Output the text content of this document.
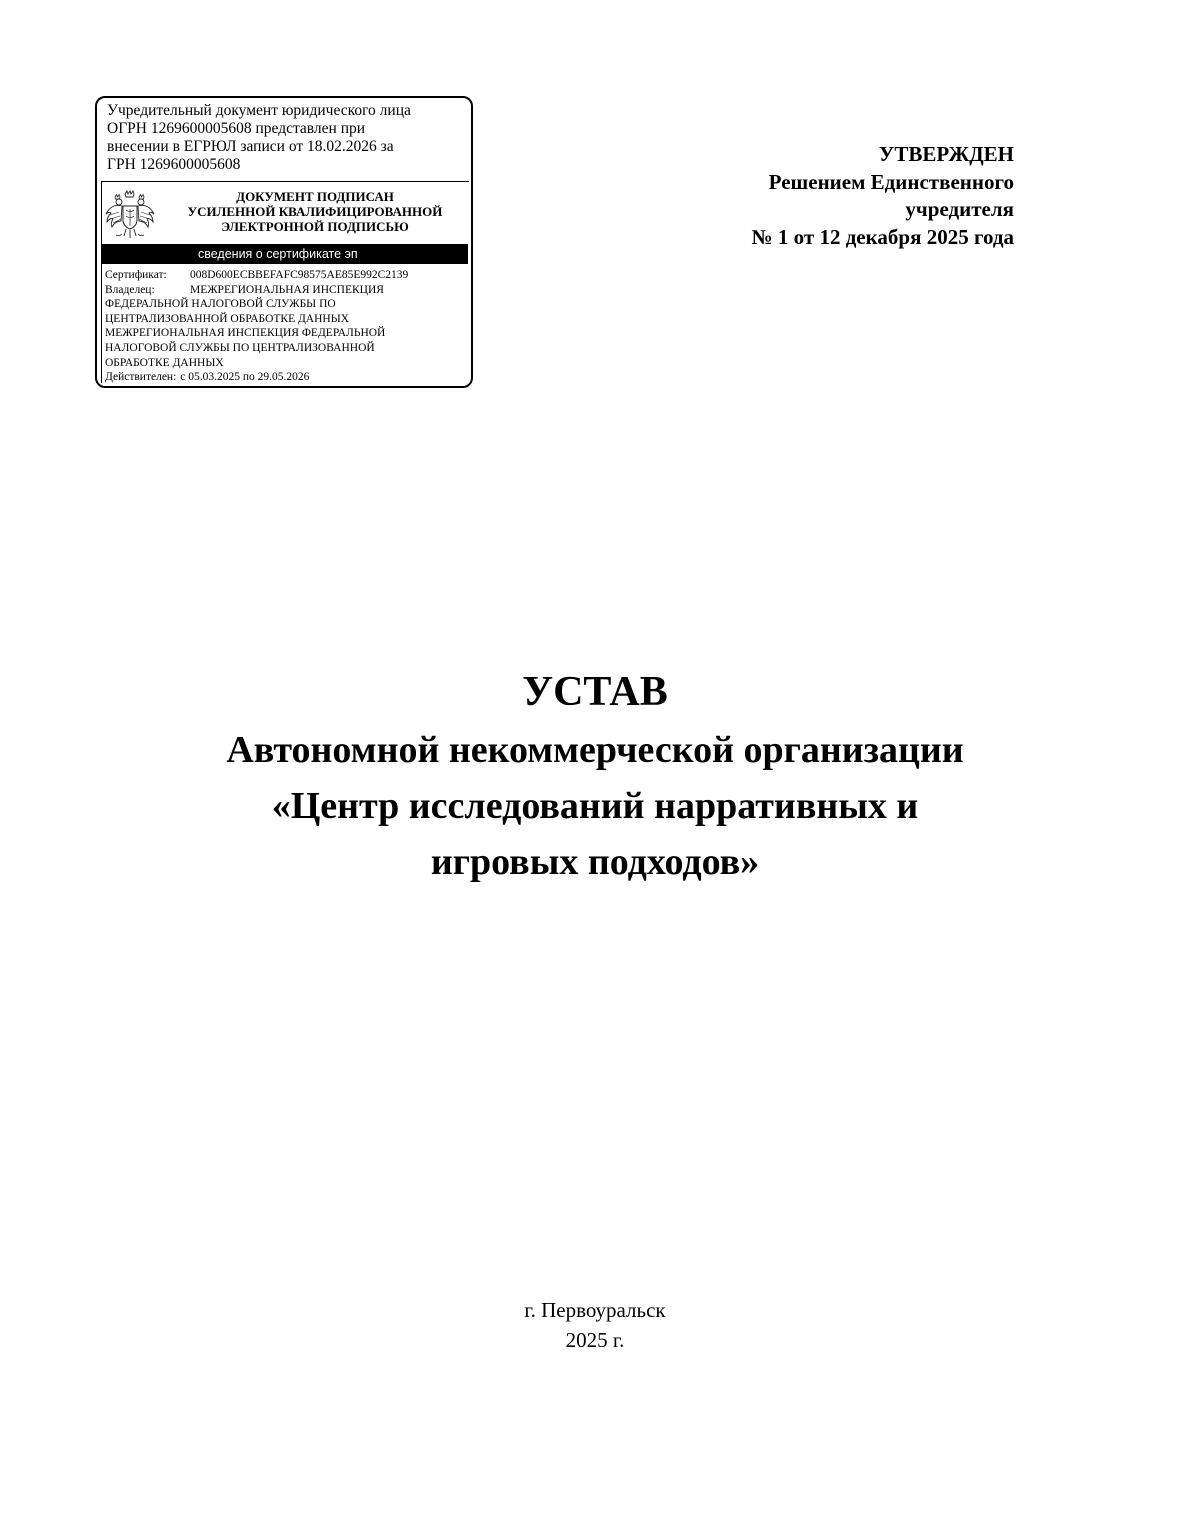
Учредительный документ юридического лица
ОГРН 1269600005608 представлен при
внесении в ЕГРЮЛ записи от 18.02.2026 за
ГРН 1269600005608
ДОКУМЕНТ ПОДПИСАН
УСИЛЕННОЙ КВАЛИФИЦИРОВАННОЙ
ЭЛЕКТРОННОЙ ПОДПИСЬЮ
сведения о сертификате эп
Сертификат: 008D600ECBBEFAFC98575AE85E992C2139
Владелец:	МЕЖРЕГИОНАЛЬНАЯ ИНСПЕКЦИЯ
ФЕДЕРАЛЬНОЙ НАЛОГОВОЙ СЛУЖБЫ ПО
ЦЕНТРАЛИЗОВАННОЙ ОБРАБОТКЕ ДАННЫХ
МЕЖРЕГИОНАЛЬНАЯ ИНСПЕКЦИЯ ФЕДЕРАЛЬНОЙ
НАЛОГОВОЙ СЛУЖБЫ ПО ЦЕНТРАЛИЗОВАННОЙ
ОБРАБОТКЕ ДАННЫХ
Действителен: с 05.03.2025 по 29.05.2026
УТВЕРЖДЕН
Решением Единственного
учредителя
№ 1 от 12 декабря 2025 года
УСТАВ
Автономной некоммерческой организации
«Центр исследований нарративных и
игровых подходов»
г. Первоуральск
2025 г.
